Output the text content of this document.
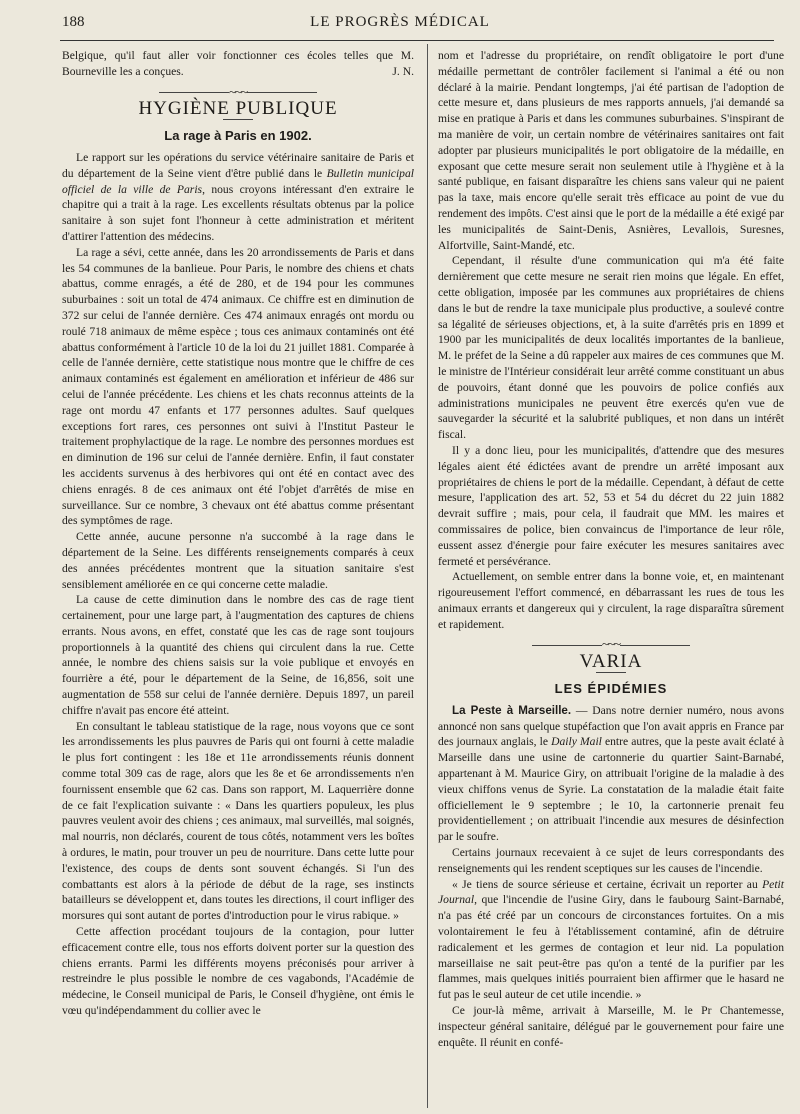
188	LE PROGRÈS MÉDICAL

Belgique, qu'il faut aller voir fonctionner ces écoles telles que M. Bourneville les a conçues.	J. N.

~~~
HYGIÈNE PUBLIQUE
La rage à Paris en 1902.

Le rapport sur les opérations du service vétérinaire sanitaire de Paris et du département de la Seine vient d'être publié dans le Bulletin municipal officiel de la ville de Paris, nous croyons intéressant d'en extraire le chapitre qui a trait à la rage. Les excellents résultats obtenus par la police sanitaire à son sujet font l'honneur à cette administration et méritent d'attirer l'attention des médecins.

La rage a sévi, cette année, dans les 20 arrondissements de Paris et dans les 54 communes de la banlieue. Pour Paris, le nombre des chiens et chats abattus, comme enragés, a été de 280, et de 194 pour les communes suburbaines : soit un total de 474 animaux. Ce chiffre est en diminution de 372 sur celui de l'année dernière. Ces 474 animaux enragés ont mordu ou roulé 718 animaux de même espèce ; tous ces animaux contaminés ont été abattus conformément à l'article 10 de la loi du 21 juillet 1881. Comparée à celle de l'année dernière, cette statistique nous montre que le chiffre de ces animaux contaminés est également en amélioration et inférieur de 486 sur celui de l'année précédente. Les chiens et les chats reconnus atteints de la rage ont mordu 47 enfants et 177 personnes adultes. Sauf quelques exceptions fort rares, ces personnes ont suivi à l'Institut Pasteur le traitement prophylactique de la rage. Le nombre des personnes mordues est en diminution de 196 sur celui de l'année dernière. Enfin, il faut constater les accidents survenus à des herbivores qui ont été en contact avec des chiens enragés. 8 de ces animaux ont été l'objet d'arrêtés de mise en surveillance. Sur ce nombre, 3 chevaux ont été abattus comme présentant des symptômes de rage.

Cette année, aucune personne n'a succombé à la rage dans le département de la Seine. Les différents renseignements comparés à ceux des années précédentes montrent que la situation sanitaire s'est sensiblement améliorée en ce qui concerne cette maladie.

La cause de cette diminution dans le nombre des cas de rage tient certainement, pour une large part, à l'augmentation des captures de chiens errants. Nous avons, en effet, constaté que les cas de rage sont toujours proportionnels à la quantité des chiens qui circulent dans la rue. Cette année, le nombre des chiens saisis sur la voie publique et envoyés en fourrière a été, pour le département de la Seine, de 16,856, soit une augmentation de 558 sur celui de l'année dernière. Depuis 1897, un pareil chiffre n'avait pas encore été atteint.

En consultant le tableau statistique de la rage, nous voyons que ce sont les arrondissements les plus pauvres de Paris qui ont fourni à cette maladie le plus fort contingent : les 18e et 11e arrondissements réunis donnent comme total 309 cas de rage, alors que les 8e et 6e arrondissements n'en fournissent ensemble que 62 cas. Dans son rapport, M. Laquerrière donne de ce fait l'explication suivante : « Dans les quartiers populeux, les plus pauvres veulent avoir des chiens ; ces animaux, mal surveillés, mal soignés, mal nourris, non déclarés, courent de tous côtés, notamment vers les boîtes à ordures, le matin, pour trouver un peu de nourriture. Dans cette lutte pour l'existence, des coups de dents sont souvent échangés. Si l'un des combattants est alors à la période de début de la rage, ses instincts batailleurs se développent et, dans toutes les directions, il court infliger des morsures qui sont autant de portes d'introduction pour le virus rabique. »

Cette affection procédant toujours de la contagion, pour lutter efficacement contre elle, tous nos efforts doivent porter sur la question des chiens errants. Parmi les différents moyens préconisés pour arriver à restreindre le plus possible le nombre de ces vagabonds, l'Académie de médecine, le Conseil municipal de Paris, le Conseil d'hygiène, ont émis le vœu qu'indépendamment du collier avec le

nom et l'adresse du propriétaire, on rendît obligatoire le port d'une médaille permettant de contrôler facilement si l'animal a été ou non déclaré à la mairie. Pendant longtemps, j'ai été partisan de l'adoption de cette mesure et, dans plusieurs de mes rapports annuels, j'ai demandé sa mise en pratique à Paris et dans les communes suburbaines. S'inspirant de ma manière de voir, un certain nombre de vétérinaires sanitaires ont fait adopter par plusieurs municipalités le port obligatoire de la médaille, en exposant que cette mesure serait non seulement utile à l'hygiène et à la santé publique, en faisant disparaître les chiens sans valeur qui ne paient pas la taxe, mais encore qu'elle serait très efficace au point de vue du rendement des impôts. C'est ainsi que le port de la médaille a été exigé par les municipalités de Saint-Denis, Asnières, Levallois, Suresnes, Alfortville, Saint-Mandé, etc.

Cependant, il résulte d'une communication qui m'a été faite dernièrement que cette mesure ne serait rien moins que légale. En effet, cette obligation, imposée par les communes aux propriétaires de chiens dans le but de rendre la taxe municipale plus productive, a soulevé contre sa légalité de sérieuses objections, et, à la suite d'arrêtés pris en 1899 et 1900 par les municipalités de deux localités importantes de la banlieue, M. le préfet de la Seine a dû rappeler aux maires de ces communes que M. le ministre de l'Intérieur considérait leur arrêté comme constituant un abus de pouvoirs, étant donné que les pouvoirs de police confiés aux administrations municipales ne peuvent être exercés qu'en vue de sauvegarder la sécurité et la salubrité publiques, et non dans un intérêt fiscal.

Il y a donc lieu, pour les municipalités, d'attendre que des mesures légales aient été édictées avant de prendre un arrêté imposant aux propriétaires de chiens le port de la médaille. Cependant, à défaut de cette mesure, l'application des art. 52, 53 et 54 du décret du 22 juin 1882 devrait suffire ; mais, pour cela, il faudrait que MM. les maires et commissaires de police, bien convaincus de l'importance de leur rôle, eussent assez d'énergie pour faire exécuter les mesures sanitaires avec fermeté et persévérance.

Actuellement, on semble entrer dans la bonne voie, et, en maintenant rigoureusement l'effort commencé, en débarrassant les rues de tous les animaux errants et dangereux qui y circulent, la rage disparaîtra sûrement et rapidement.

~~~
VARIA
LES ÉPIDÉMIES

La Peste à Marseille. — Dans notre dernier numéro, nous avons annoncé non sans quelque stupéfaction que l'on avait appris en France par des journaux anglais, le Daily Mail entre autres, que la peste avait éclaté à Marseille dans une usine de cartonnerie du quartier Saint-Barnabé, appartenant à M. Maurice Giry, on attribuait l'origine de la maladie à des vieux chiffons venus de Syrie. La constatation de la maladie était faite officiellement le 9 septembre ; le 10, la cartonnerie prenait feu providentiellement ; on attribuait l'incendie aux mesures de désinfection par le soufre.

Certains journaux recevaient à ce sujet de leurs correspondants des renseignements qui les rendent sceptiques sur les causes de l'incendie.

« Je tiens de source sérieuse et certaine, écrivait un reporter au Petit Journal, que l'incendie de l'usine Giry, dans le faubourg Saint-Barnabé, n'a pas été créé par un concours de circonstances fortuites. On a mis volontairement le feu à l'établissement contaminé, afin de détruire radicalement et les germes de contagion et leur nid. La population marseillaise ne sait peut-être pas qu'on a tenté de la purifier par les flammes, mais quelques initiés pourraient bien affirmer que le hasard ne fut pas le seul auteur de cet utile incendie. »

Ce jour-là même, arrivait à Marseille, M. le Pr Chantemesse, inspecteur général sanitaire, délégué par le gouvernement pour faire une enquête. Il réunit en confé-
